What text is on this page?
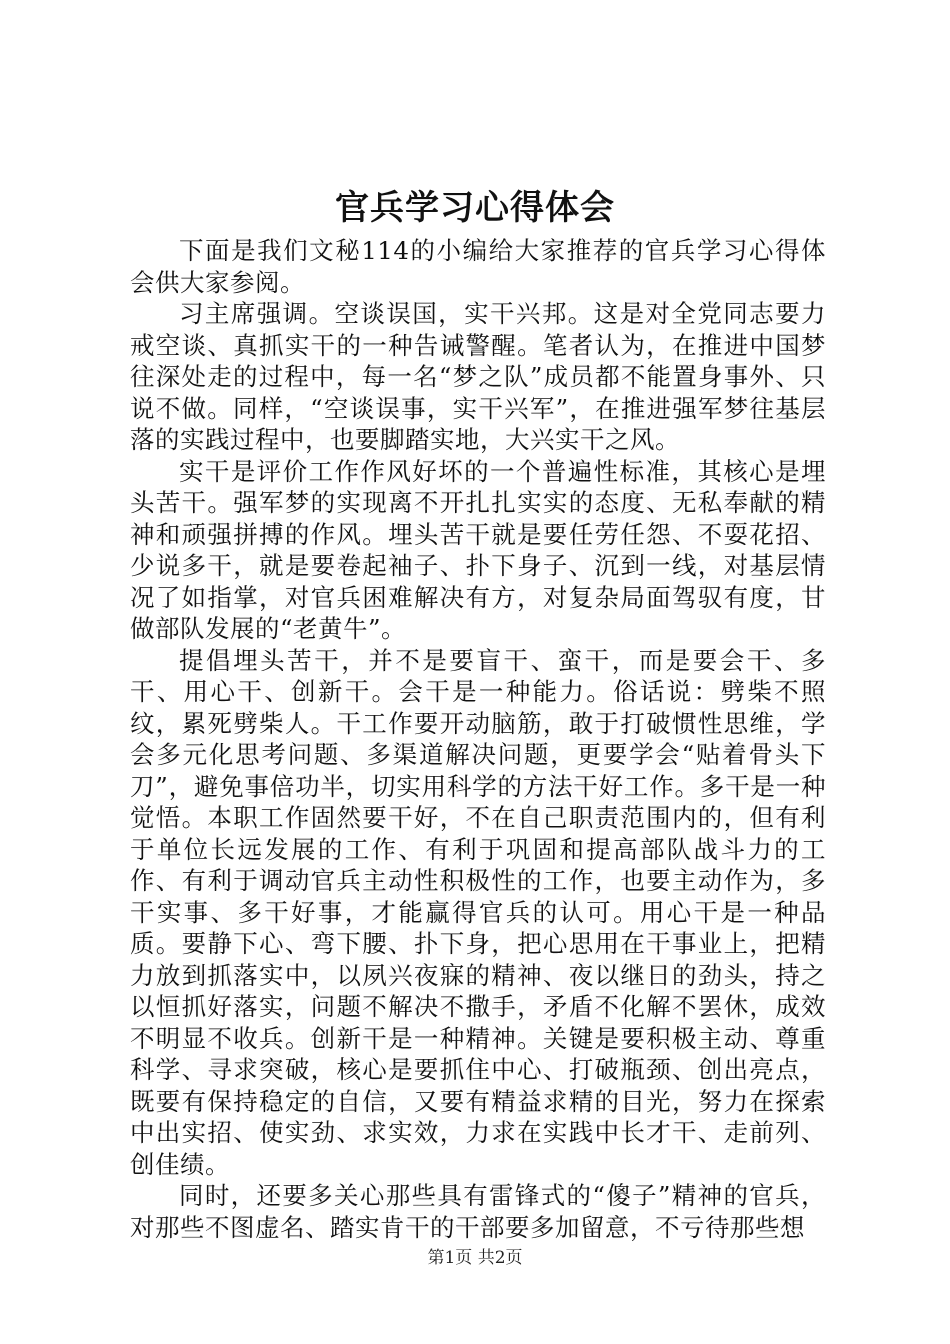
官兵学习心得体会

下面是我们文秘114的小编给大家推荐的官兵学习心得体会供大家参阅。

习主席强调。空谈误国，实干兴邦。这是对全党同志要力戒空谈、真抓实干的一种告诫警醒。笔者认为，在推进中国梦往深处走的过程中，每一名“梦之队”成员都不能置身事外、只说不做。同样，“空谈误事，实干兴军”，在推进强军梦往基层落的实践过程中，也要脚踏实地，大兴实干之风。

实干是评价工作作风好坏的一个普遍性标准，其核心是埋头苦干。强军梦的实现离不开扎扎实实的态度、无私奉献的精神和顽强拼搏的作风。埋头苦干就是要任劳任怨、不耍花招、少说多干，就是要卷起袖子、扑下身子、沉到一线，对基层情况了如指掌，对官兵困难解决有方，对复杂局面驾驭有度，甘做部队发展的“老黄牛”。

提倡埋头苦干，并不是要盲干、蛮干，而是要会干、多干、用心干、创新干。会干是一种能力。俗话说：劈柴不照纹，累死劈柴人。干工作要开动脑筋，敢于打破惯性思维，学会多元化思考问题、多渠道解决问题，更要学会“贴着骨头下刀”，避免事倍功半，切实用科学的方法干好工作。多干是一种觉悟。本职工作固然要干好，不在自己职责范围内的，但有利于单位长远发展的工作、有利于巩固和提高部队战斗力的工作、有利于调动官兵主动性积极性的工作，也要主动作为，多干实事、多干好事，才能赢得官兵的认可。用心干是一种品质。要静下心、弯下腰、扑下身，把心思用在干事业上，把精力放到抓落实中，以夙兴夜寐的精神、夜以继日的劲头，持之以恒抓好落实，问题不解决不撒手，矛盾不化解不罢休，成效不明显不收兵。创新干是一种精神。关键是要积极主动、尊重科学、寻求突破，核心是要抓住中心、打破瓶颈、创出亮点，既要有保持稳定的自信，又要有精益求精的目光，努力在探索中出实招、使实劲、求实效，力求在实践中长才干、走前列、创佳绩。

同时，还要多关心那些具有雷锋式的“傻子”精神的官兵，对那些不图虚名、踏实肯干的干部要多加留意，不亏待那些想

第1页 共2页
